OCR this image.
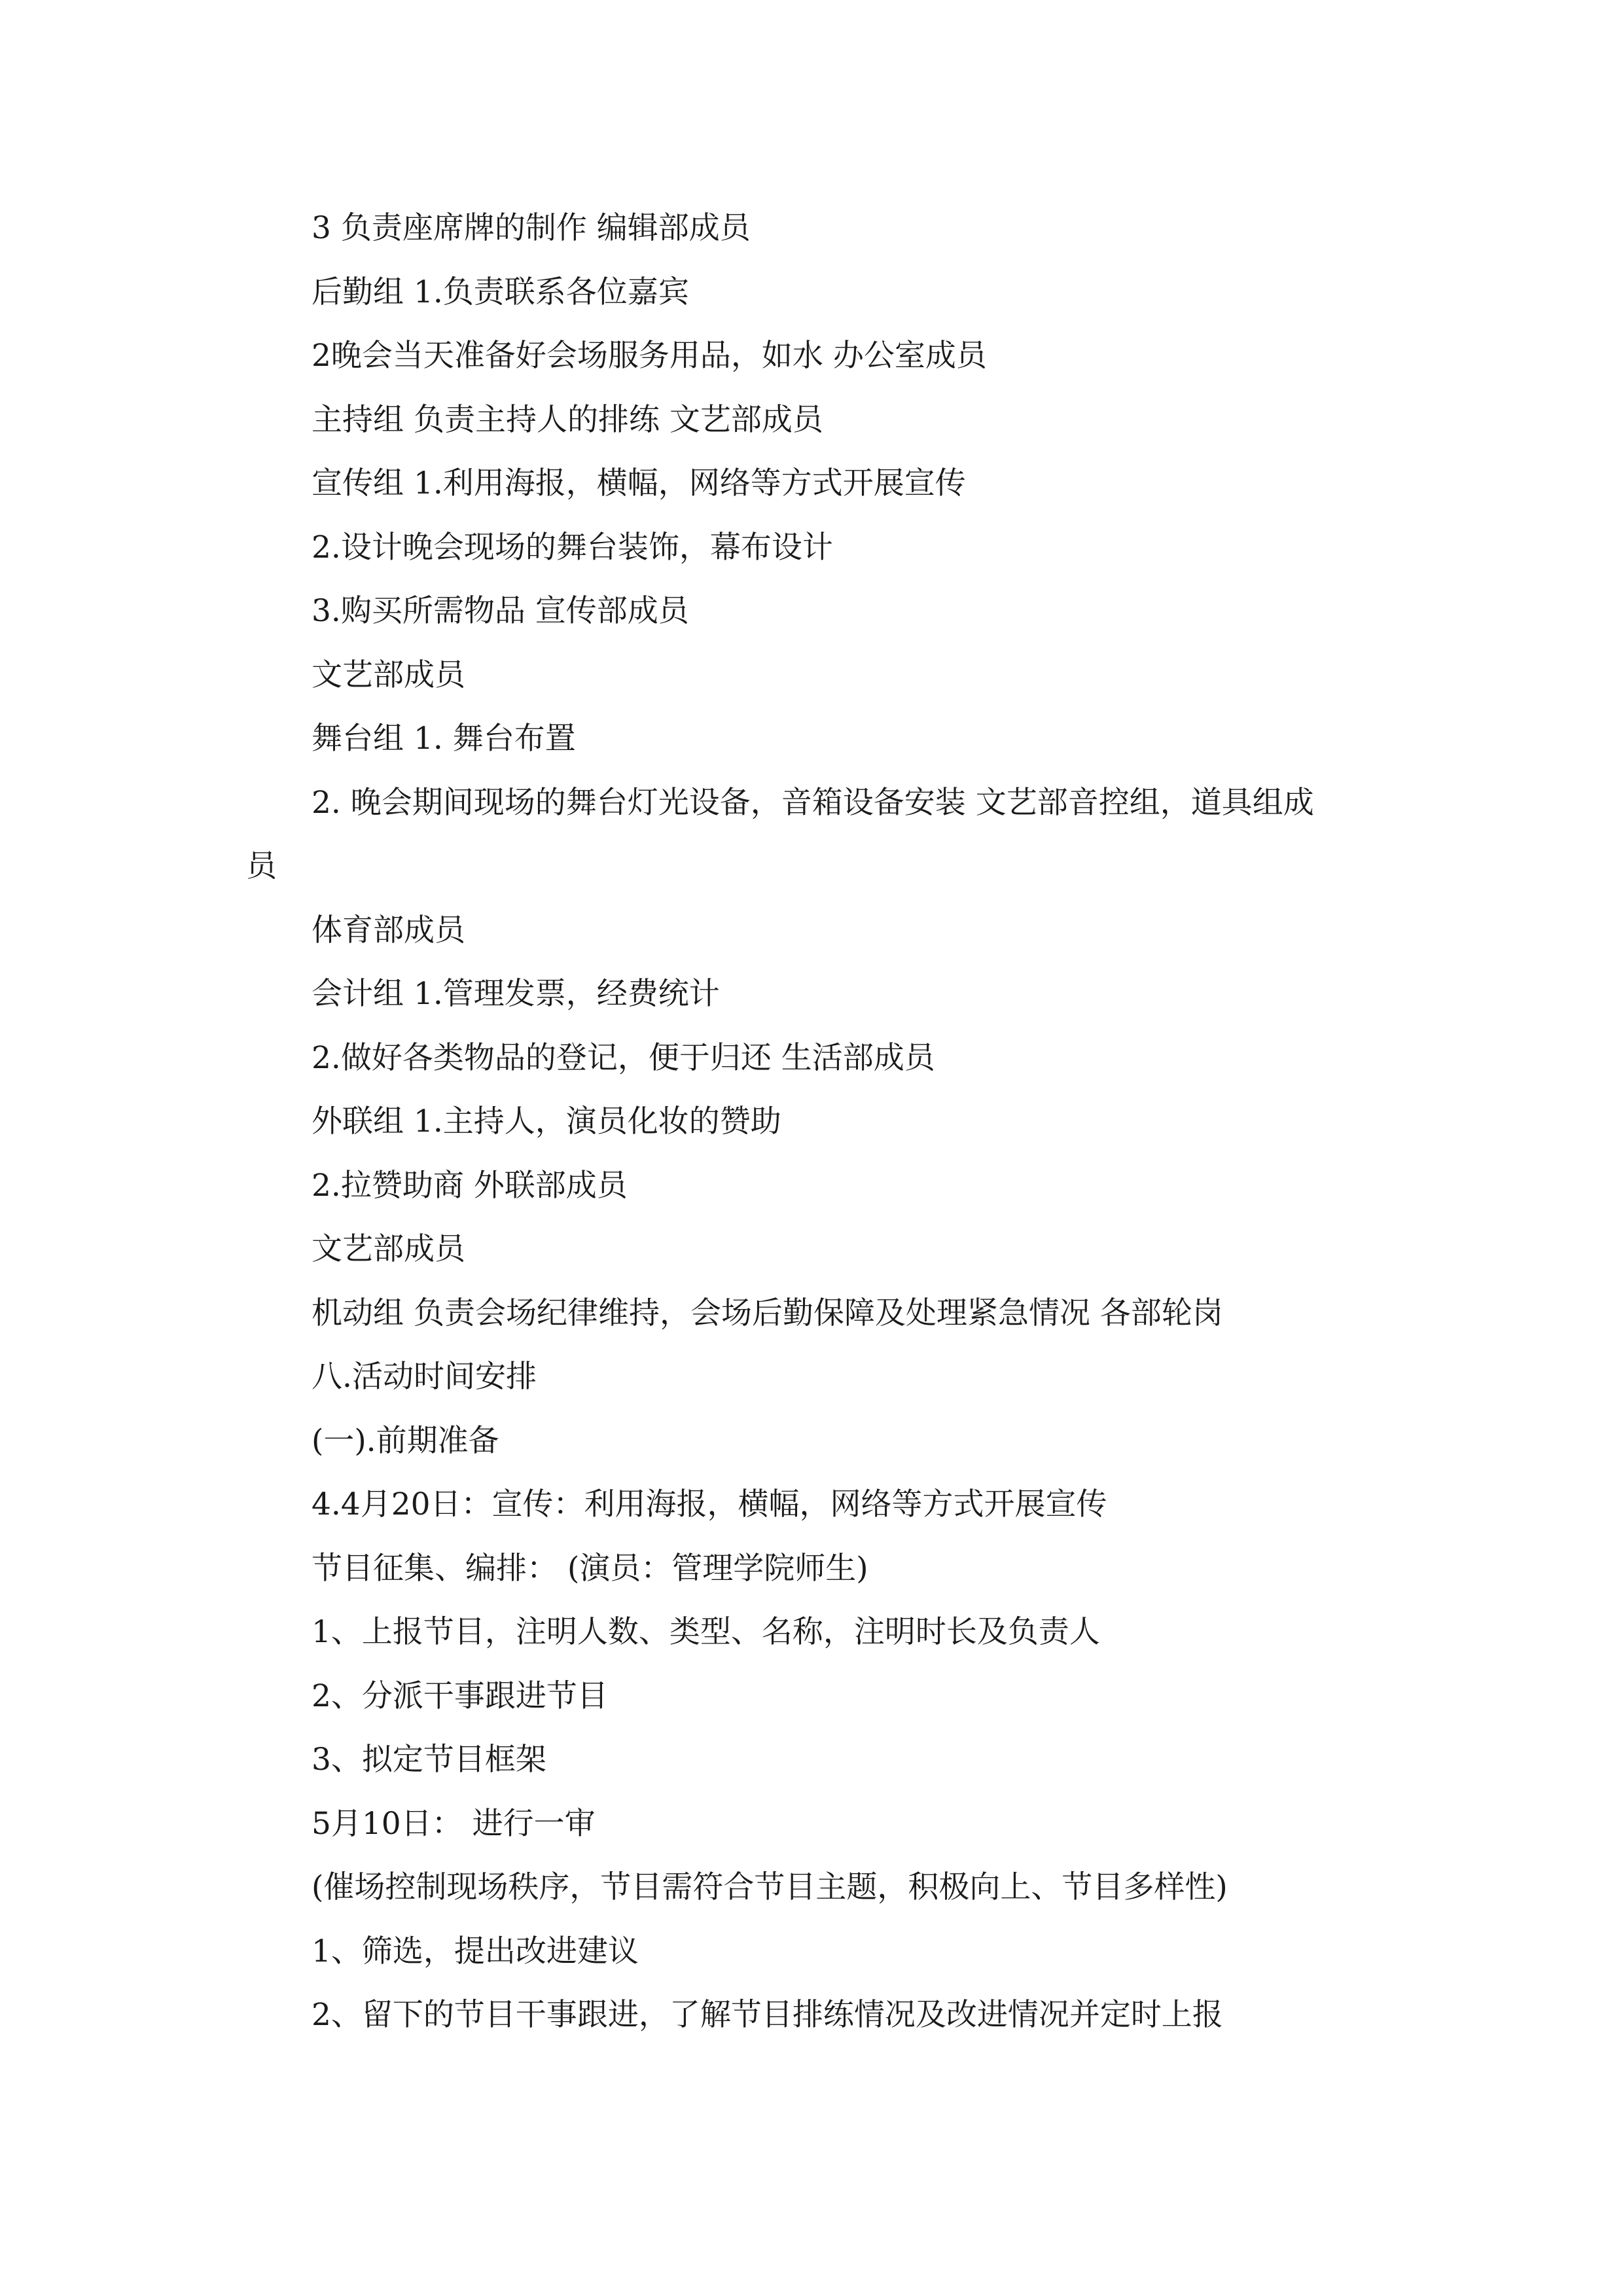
3 负责座席牌的制作 编辑部成员

后勤组 1.负责联系各位嘉宾

2晚会当天准备好会场服务用品，如水 办公室成员

主持组 负责主持人的排练 文艺部成员

宣传组 1.利用海报，横幅，网络等方式开展宣传

2.设计晚会现场的舞台装饰，幕布设计

3.购买所需物品 宣传部成员

文艺部成员

舞台组 1. 舞台布置

2. 晚会期间现场的舞台灯光设备，音箱设备安装 文艺部音控组，道具组成

员

体育部成员

会计组 1.管理发票，经费统计

2.做好各类物品的登记，便于归还 生活部成员

外联组 1.主持人，演员化妆的赞助

2.拉赞助商 外联部成员

文艺部成员

机动组 负责会场纪律维持，会场后勤保障及处理紧急情况 各部轮岗

八.活动时间安排

(一).前期准备

4.4月20日：宣传：利用海报，横幅，网络等方式开展宣传

节目征集、编排： (演员：管理学院师生)

1、上报节目，注明人数、类型、名称，注明时长及负责人

2、分派干事跟进节目

3、拟定节目框架

5月10日： 进行一审

(催场控制现场秩序，节目需符合节目主题，积极向上、节目多样性)

1、筛选，提出改进建议

2、留下的节目干事跟进，了解节目排练情况及改进情况并定时上报
